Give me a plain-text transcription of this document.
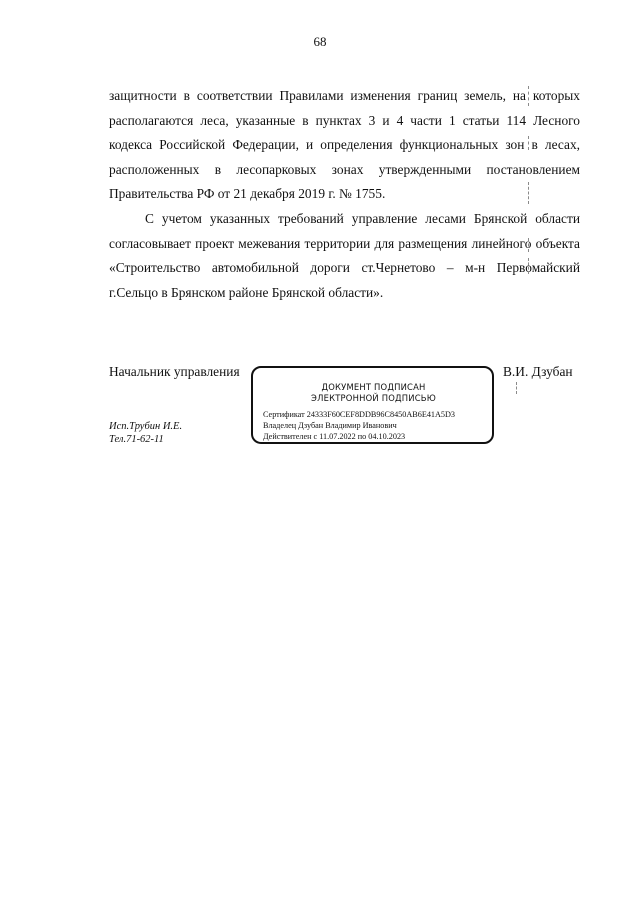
68
защитности в соответствии Правилами изменения границ земель, на которых располагаются леса, указанные в пунктах 3 и 4 части 1 статьи 114 Лесного кодекса Российской Федерации, и определения функциональных зон в лесах, расположенных в лесопарковых зонах утвержденными постановлением Правительства РФ от 21 декабря 2019 г. № 1755.
С учетом указанных требований управление лесами Брянской области согласовывает проект межевания территории для размещения линейного объекта «Строительство автомобильной дороги ст.Чернетово – м-н Первомайский г.Сельцо в Брянском районе Брянской области».
Начальник управления
ДОКУМЕНТ ПОДПИСАН
ЭЛЕКТРОННОЙ ПОДПИСЬЮ
Сертификат 24333F60CEF8DDB96C8450AB6E41A5D3
Владелец Дзубан Владимир Иванович
Действителен с 11.07.2022 по 04.10.2023
В.И. Дзубан
Исп.Трубин И.Е.
Тел.71-62-11
